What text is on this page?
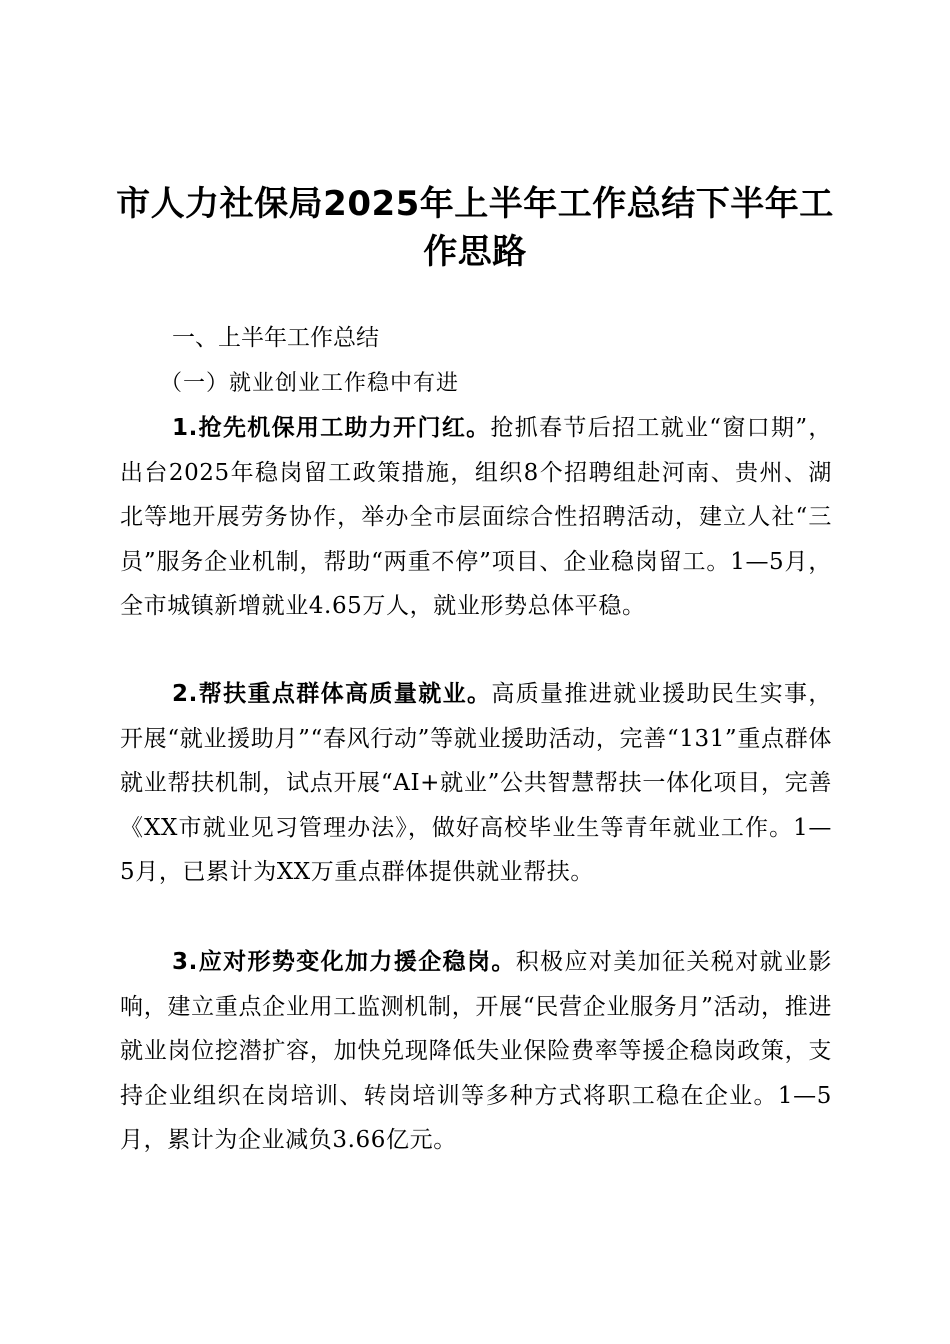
市人力社保局2025年上半年工作总结下半年工作思路
一、上半年工作总结
（一）就业创业工作稳中有进
1.抢先机保用工助力开门红。抢抓春节后招工就业“窗口期”，出台2025年稳岗留工政策措施，组织8个招聘组赴河南、贵州、湖北等地开展劳务协作，举办全市层面综合性招聘活动，建立人社“三员”服务企业机制，帮助“两重不停”项目、企业稳岗留工。1—5月，全市城镇新增就业4.65万人，就业形势总体平稳。
2.帮扶重点群体高质量就业。高质量推进就业援助民生实事，开展“就业援助月”“春风行动”等就业援助活动，完善“131”重点群体就业帮扶机制，试点开展“AI+就业”公共智慧帮扶一体化项目，完善《XX市就业见习管理办法》，做好高校毕业生等青年就业工作。1—5月，已累计为XX万重点群体提供就业帮扶。
3.应对形势变化加力援企稳岗。积极应对美加征关税对就业影响，建立重点企业用工监测机制，开展“民营企业服务月”活动，推进就业岗位挖潜扩容，加快兑现降低失业保险费率等援企稳岗政策，支持企业组织在岗培训、转岗培训等多种方式将职工稳在企业。1—5月，累计为企业减负3.66亿元。
